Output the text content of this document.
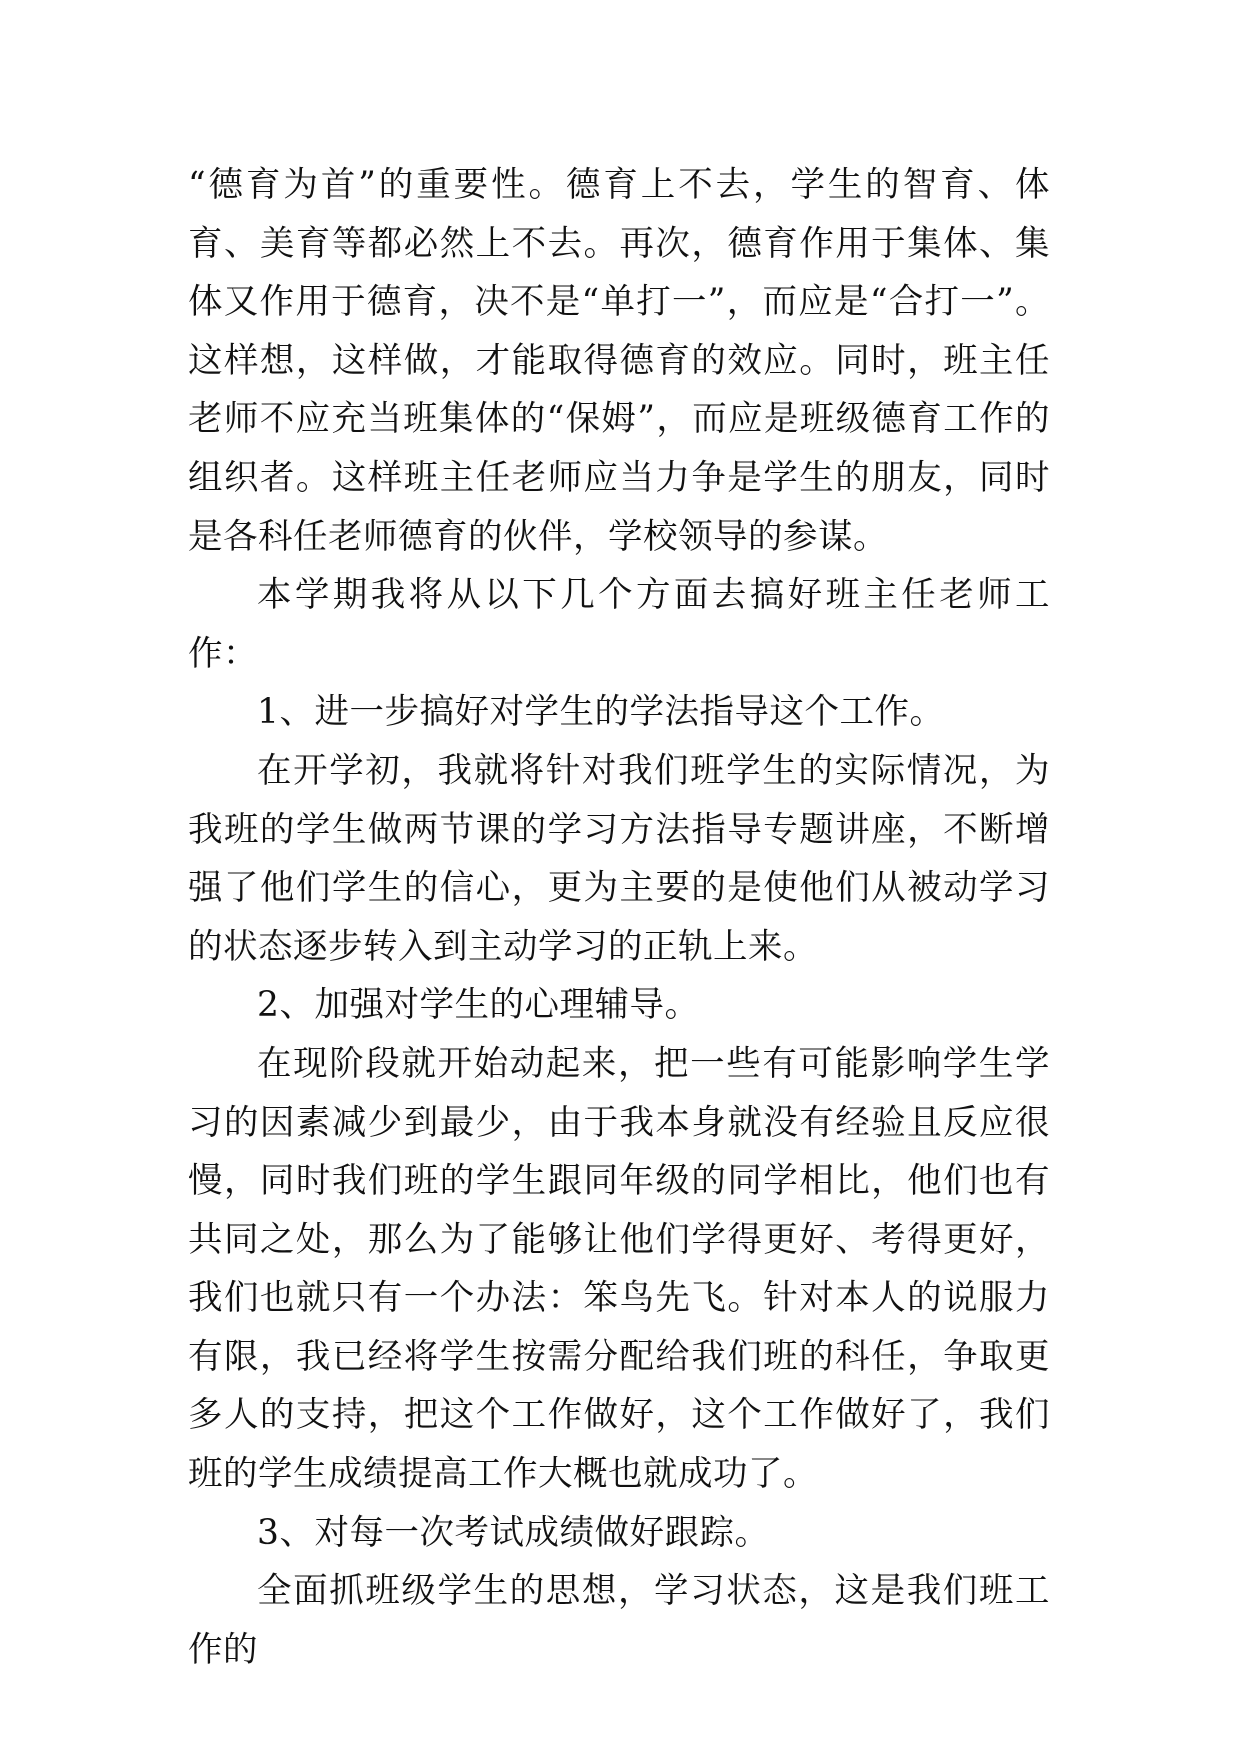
“德育为首”的重要性。德育上不去，学生的智育、体育、美育等都必然上不去。再次，德育作用于集体、集体又作用于德育，决不是“单打一”，而应是“合打一”。这样想，这样做，才能取得德育的效应。同时，班主任老师不应充当班集体的“保姆”，而应是班级德育工作的组织者。这样班主任老师应当力争是学生的朋友，同时是各科任老师德育的伙伴，学校领导的参谋。

本学期我将从以下几个方面去搞好班主任老师工作：

1、进一步搞好对学生的学法指导这个工作。

在开学初，我就将针对我们班学生的实际情况，为我班的学生做两节课的学习方法指导专题讲座，不断增强了他们学生的信心，更为主要的是使他们从被动学习的状态逐步转入到主动学习的正轨上来。

2、加强对学生的心理辅导。

在现阶段就开始动起来，把一些有可能影响学生学习的因素减少到最少，由于我本身就没有经验且反应很慢，同时我们班的学生跟同年级的同学相比，他们也有共同之处，那么为了能够让他们学得更好、考得更好，我们也就只有一个办法：笨鸟先飞。针对本人的说服力有限，我已经将学生按需分配给我们班的科任，争取更多人的支持，把这个工作做好，这个工作做好了，我们班的学生成绩提高工作大概也就成功了。

3、对每一次考试成绩做好跟踪。

全面抓班级学生的思想，学习状态，这是我们班工作的
